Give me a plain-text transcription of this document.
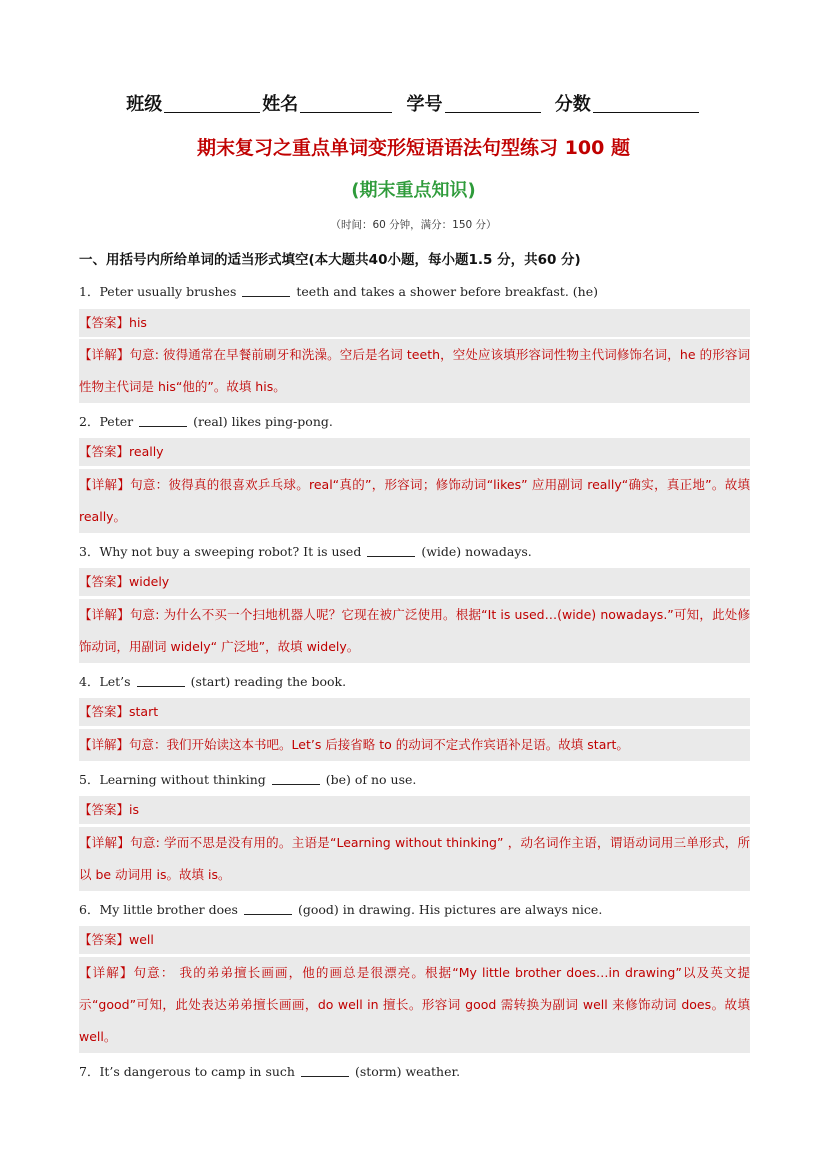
班级	姓名	学号	分数
期末复习之重点单词变形短语语法句型练习 100 题
(期末重点知识)
（时间：60 分钟，满分：150 分）
一、用括号内所给单词的适当形式填空(本大题共40小题，每小题1.5 分，共60 分)
1．Peter usually brushes	teeth and takes a shower before breakfast. (he)
【答案】his
【详解】句意: 彼得通常在早餐前刷牙和洗澡。空后是名词 teeth，空处应该填形容词性物主代词修饰名词，he 的形容词性物主代词是 his“他的”。故填 his。
2．Peter	(real) likes ping-pong.
【答案】really
【详解】句意：彼得真的很喜欢乒乓球。real“真的”，形容词；修饰动词“likes” 应用副词 really“确实，真正地”。故填 really。
3．Why not buy a sweeping robot? It is used	(wide) nowadays.
【答案】widely
【详解】句意: 为什么不买一个扫地机器人呢？它现在被广泛使用。根据“It is used…(wide) nowadays.”可知，此处修饰动词，用副词 widely“ 广泛地”，故填 widely。
4．Let’s	(start) reading the book.
【答案】start
【详解】句意：我们开始读这本书吧。Let’s 后接省略 to 的动词不定式作宾语补足语。故填 start。
5．Learning without thinking	(be) of no use.
【答案】is
【详解】句意: 学而不思是没有用的。主语是“Learning without thinking” ，动名词作主语，谓语动词用三单形式，所以 be 动词用 is。故填 is。
6．My little brother does	(good) in drawing. His pictures are always nice.
【答案】well
【详解】句意： 我的弟弟擅长画画，他的画总是很漂亮。根据“My little brother does…in drawing”以及英文提示“good”可知，此处表达弟弟擅长画画，do well in 擅长。形容词 good 需转换为副词 well 来修饰动词 does。故填 well。
7．It’s dangerous to camp in such	(storm) weather.
